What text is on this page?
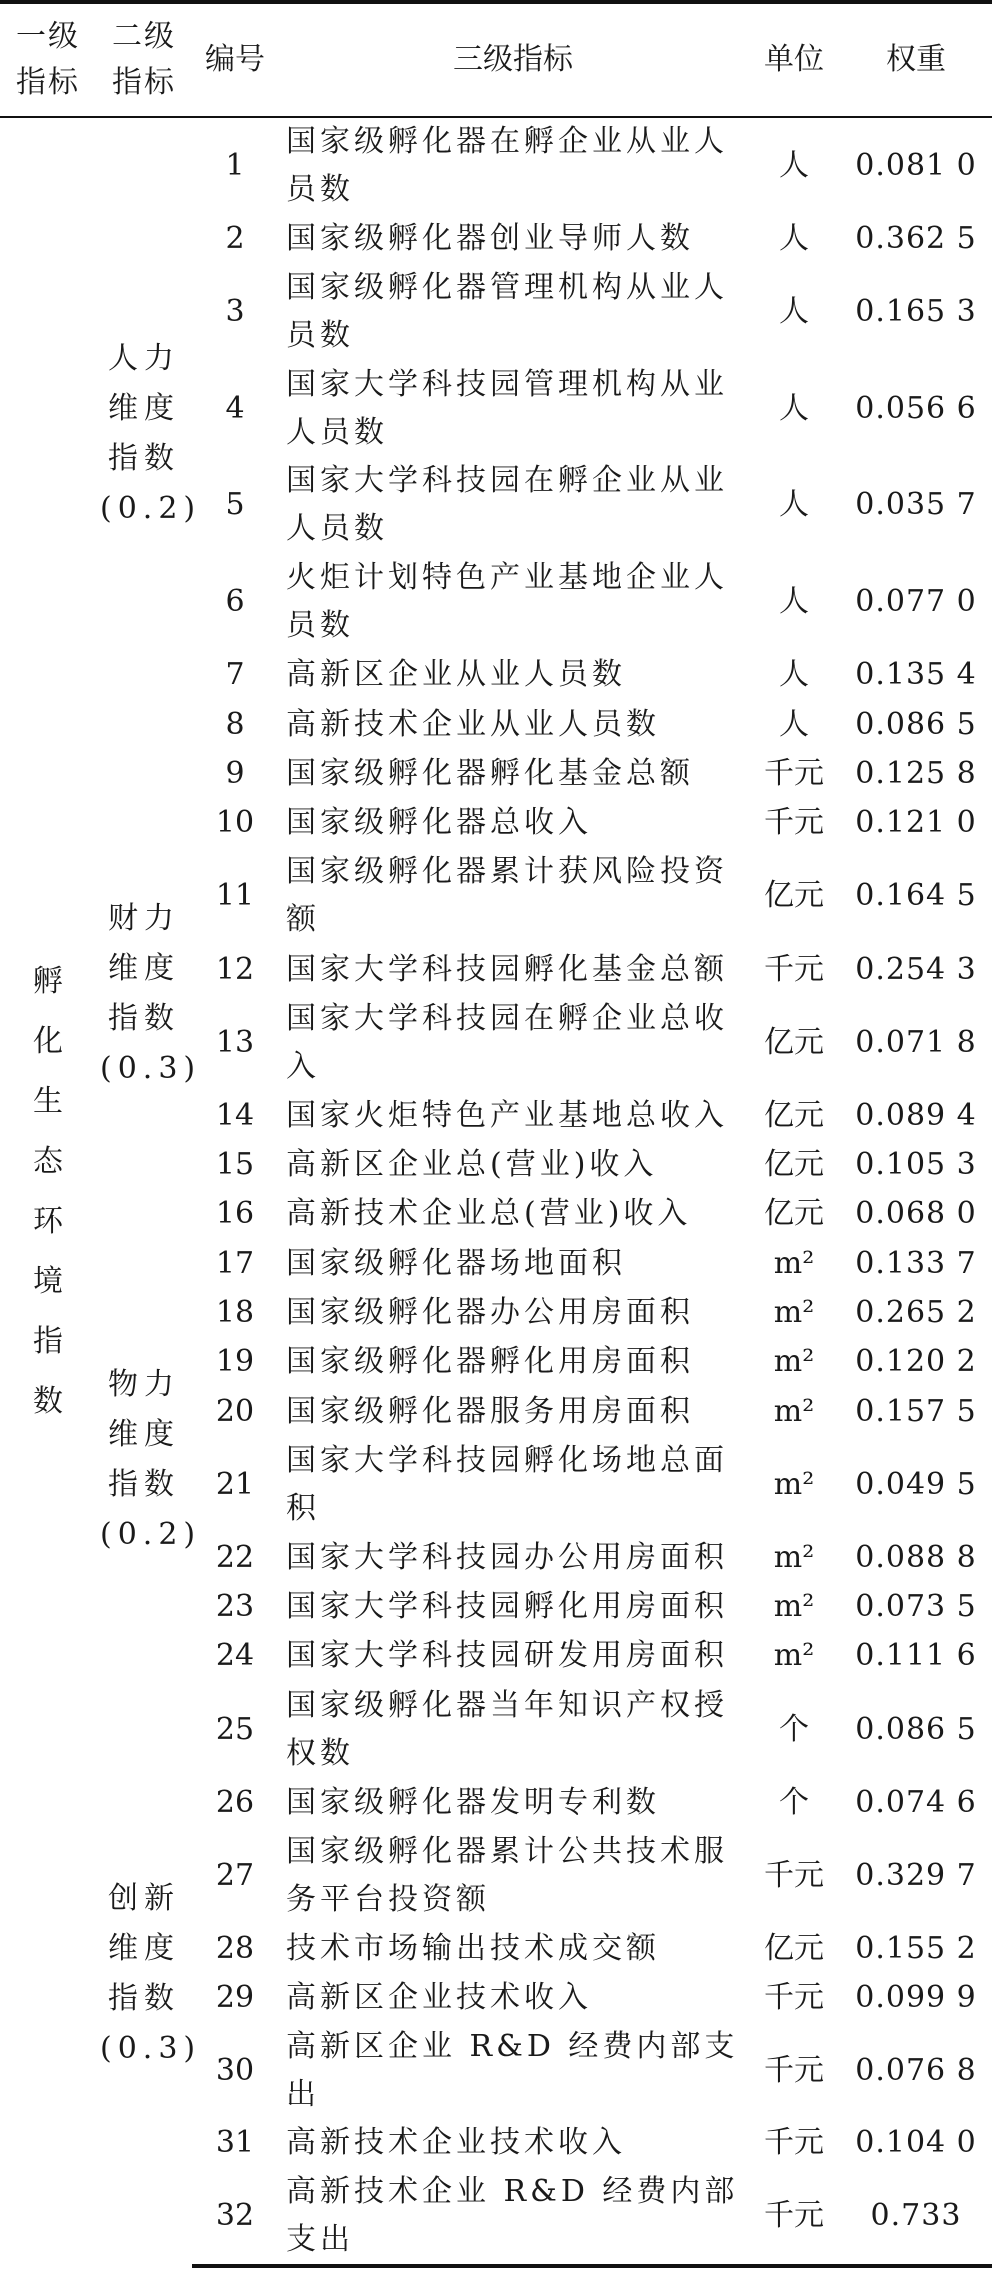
一级指标	二级指标	编号	三级指标	单位	权重
孵化生态环境指数	人力维度指数(0.2)	1	国家级孵化器在孵企业从业人员数	人	0.081 0
		2	国家级孵化器创业导师人数	人	0.362 5
		3	国家级孵化器管理机构从业人员数	人	0.165 3
		4	国家大学科技园管理机构从业人员数	人	0.056 6
		5	国家大学科技园在孵企业从业人员数	人	0.035 7
		6	火炬计划特色产业基地企业人员数	人	0.077 0
		7	高新区企业从业人员数	人	0.135 4
		8	高新技术企业从业人员数	人	0.086 5
	财力维度指数(0.3)	9	国家级孵化器孵化基金总额	千元	0.125 8
		10	国家级孵化器总收入	千元	0.121 0
		11	国家级孵化器累计获风险投资额	亿元	0.164 5
		12	国家大学科技园孵化基金总额	千元	0.254 3
		13	国家大学科技园在孵企业总收入	亿元	0.071 8
		14	国家火炬特色产业基地总收入	亿元	0.089 4
		15	高新区企业总(营业)收入	亿元	0.105 3
		16	高新技术企业总(营业)收入	亿元	0.068 0
	物力维度指数(0.2)	17	国家级孵化器场地面积	m²	0.133 7
		18	国家级孵化器办公用房面积	m²	0.265 2
		19	国家级孵化器孵化用房面积	m²	0.120 2
		20	国家级孵化器服务用房面积	m²	0.157 5
		21	国家大学科技园孵化场地总面积	m²	0.049 5
		22	国家大学科技园办公用房面积	m²	0.088 8
		23	国家大学科技园孵化用房面积	m²	0.073 5
		24	国家大学科技园研发用房面积	m²	0.111 6
	创新维度指数(0.3)	25	国家级孵化器当年知识产权授权数	个	0.086 5
		26	国家级孵化器发明专利数	个	0.074 6
		27	国家级孵化器累计公共技术服务平台投资额	千元	0.329 7
		28	技术市场输出技术成交额	亿元	0.155 2
		29	高新区企业技术收入	千元	0.099 9
		30	高新区企业 R&D 经费内部支出	千元	0.076 8
		31	高新技术企业技术收入	千元	0.104 0
		32	高新技术企业 R&D 经费内部支出	千元	0.733
